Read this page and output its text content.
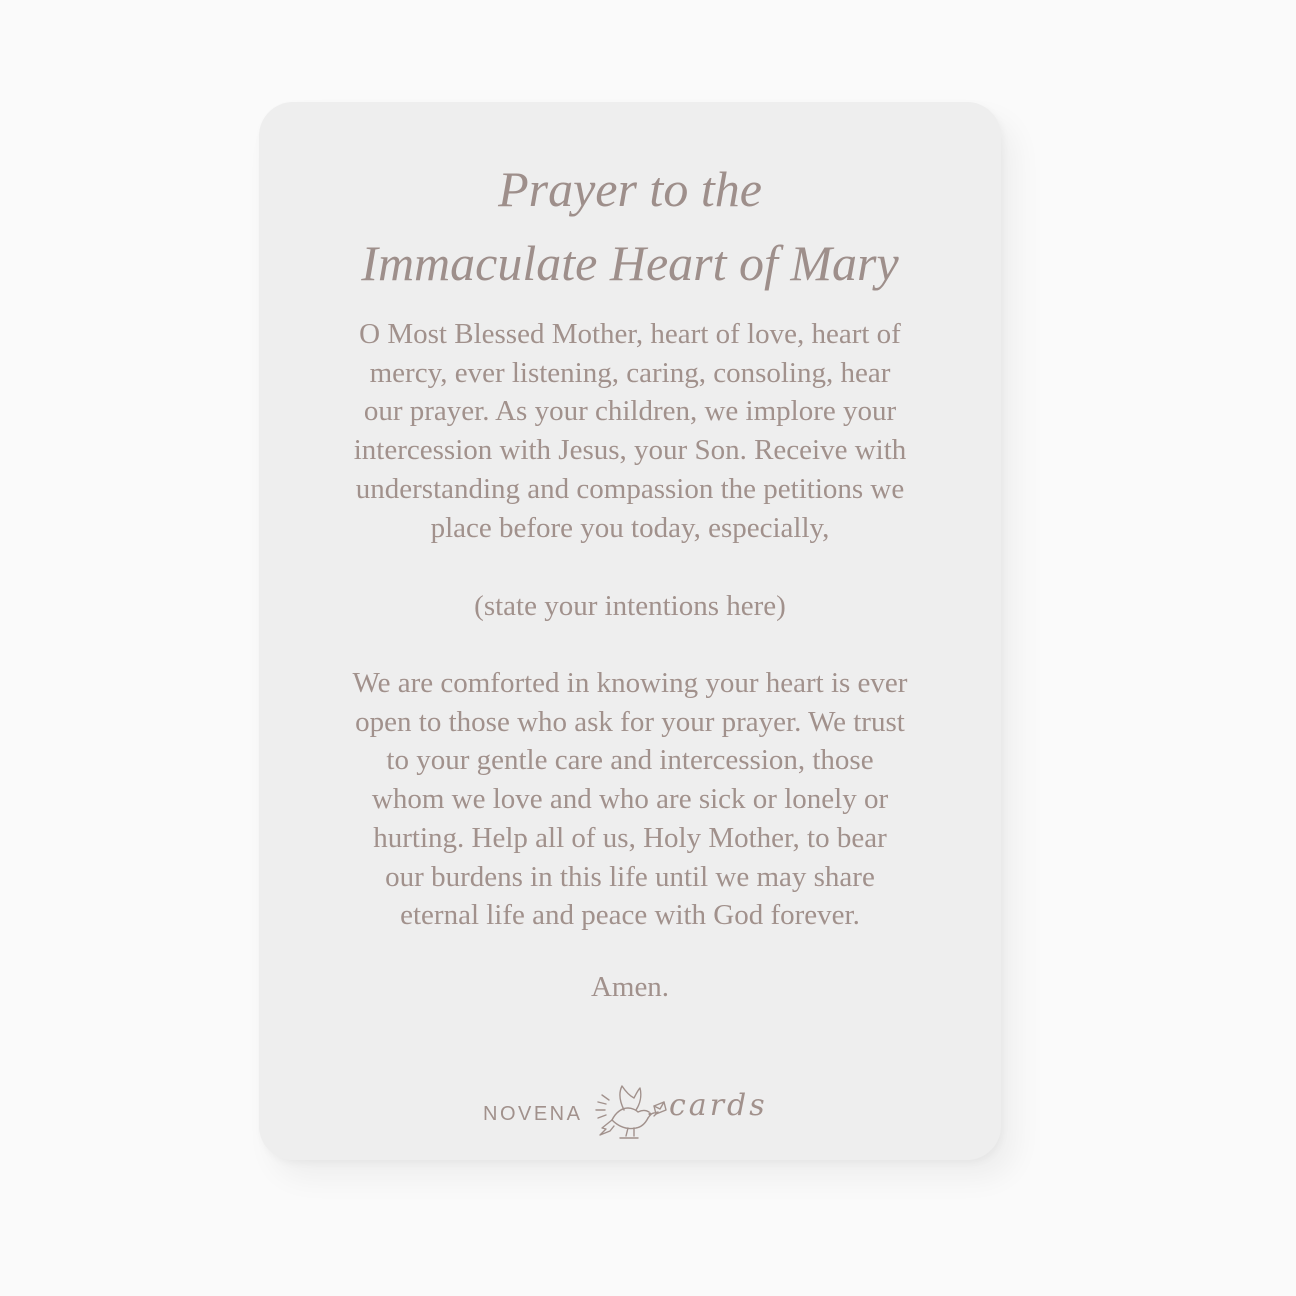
Prayer to the
Immaculate Heart of Mary
O Most Blessed Mother, heart of love, heart of
mercy, ever listening, caring, consoling, hear
our prayer. As your children, we implore your
intercession with Jesus, your Son. Receive with
understanding and compassion the petitions we
place before you today, especially,
(state your intentions here)
We are comforted in knowing your heart is ever
open to those who ask for your prayer. We trust
to your gentle care and intercession, those
whom we love and who are sick or lonely or
hurting. Help all of us, Holy Mother, to bear
our burdens in this life until we may share
eternal life and peace with God forever.
Amen.
NOVENA	cards
